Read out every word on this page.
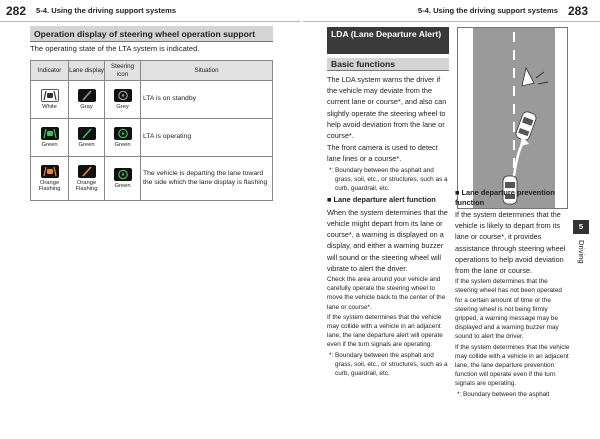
282 5-4. Using the driving support systems	5-4. Using the driving support systems 283
Operation display of steering wheel operation support
The operating state of the LTA system is indicated.
Indicator	Lane display	Steering icon	Situation

White	Gray	Grey	LTA is on standby

Green	Green	Green	LTA is operating

Orange Flashing	Orange Flashing	Green	The vehicle is departing the lane toward the side which the lane display is flashing
LDA (Lane Departure Alert)
Basic functions

The LDA system warns the driver if the vehicle may deviate from the current lane or course*, and also can slightly operate the steering wheel to help avoid deviation from the lane or course*.

The front camera is used to detect lane lines or a course*.

*: Boundary between the asphalt and grass, soil, etc., or structures, such as a curb, guardrail, etc.

■ Lane departure alert function

When the system determines that the vehicle might depart from its lane or course*, a warning is displayed on a display, and either a warning buzzer will sound or the steering wheel will vibrate to alert the driver.

Check the area around your vehicle and carefully operate the steering wheel to move the vehicle back to the center of the lane or course*.

If the system determines that the vehicle may collide with a vehicle in an adjacent lane, the lane departure alert will operate even if the turn signals are operating.

*: Boundary between the asphalt and grass, soil, etc., or structures, such as a curb, guardrail, etc.

■ Lane departure prevention function

If the system determines that the vehicle is likely to depart from its lane or course*, it provides assistance through steering wheel operations to help avoid deviation from the lane or course.

If the system determines that the steering wheel has not been operated for a certain amount of time or the steering wheel is not being firmly gripped, a warning message may be displayed and a warning buzzer may sound to alert the driver.

If the system determines that the vehicle may collide with a vehicle in an adjacent lane, the lane departure prevention function will operate even if the turn signals are operating.

*: Boundary between the asphalt

5
Driving
